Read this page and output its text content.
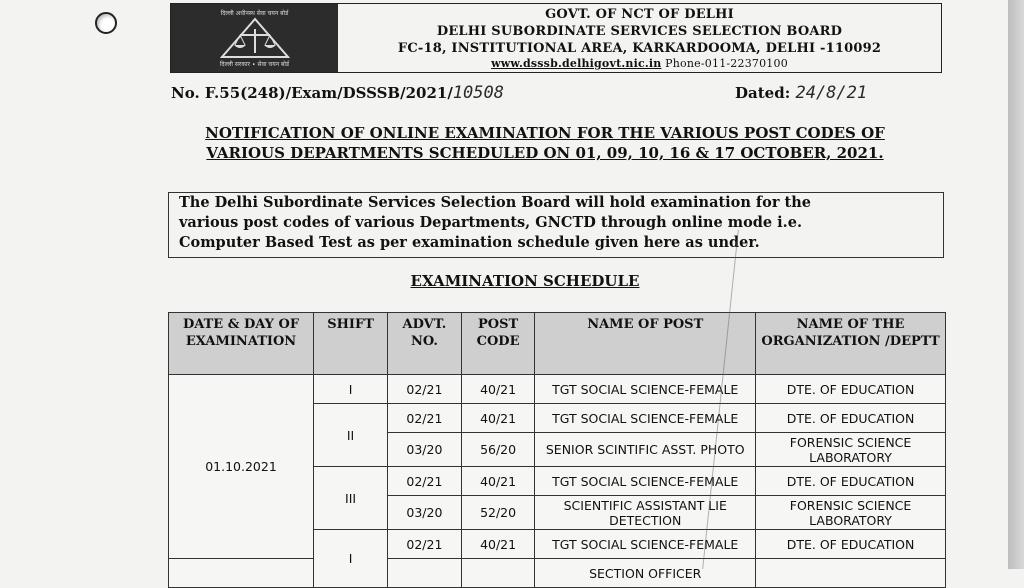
दिल्ली अधीनस्थ सेवा चयन बोर्ड
दिल्ली सरकार ∙ सेवा चयन बोर्ड
GOVT. OF NCT OF DELHI
DELHI SUBORDINATE SERVICES SELECTION BOARD
FC-18, INSTITUTIONAL AREA, KARKARDOOMA, DELHI -110092
www.dsssb.delhigovt.nic.in Phone-011-22370100
No. F.55(248)/Exam/DSSSB/2021/10508	Dated: 24/8/21
NOTIFICATION OF ONLINE EXAMINATION FOR THE VARIOUS POST CODES OF
VARIOUS DEPARTMENTS SCHEDULED ON 01, 09, 10, 16 & 17 OCTOBER, 2021.
The Delhi Subordinate Services Selection Board will hold examination for the
various post codes of various Departments, GNCTD through online mode i.e.
Computer Based Test as per examination schedule given here as under.
EXAMINATION SCHEDULE
DATE & DAY OF EXAMINATION	SHIFT	ADVT. NO.	POST CODE	NAME OF POST	NAME OF THE ORGANIZATION /DEPTT
01.10.2021	I	02/21	40/21	TGT SOCIAL SCIENCE-FEMALE	DTE. OF EDUCATION
	II	02/21	40/21	TGT SOCIAL SCIENCE-FEMALE	DTE. OF EDUCATION
		03/20	56/20	SENIOR SCINTIFIC ASST. PHOTO	FORENSIC SCIENCE LABORATORY
	III	02/21	40/21	TGT SOCIAL SCIENCE-FEMALE	DTE. OF EDUCATION
		03/20	52/20	SCIENTIFIC ASSISTANT LIE DETECTION	FORENSIC SCIENCE LABORATORY
	I	02/21	40/21	TGT SOCIAL SCIENCE-FEMALE	DTE. OF EDUCATION
				SECTION OFFICER	
